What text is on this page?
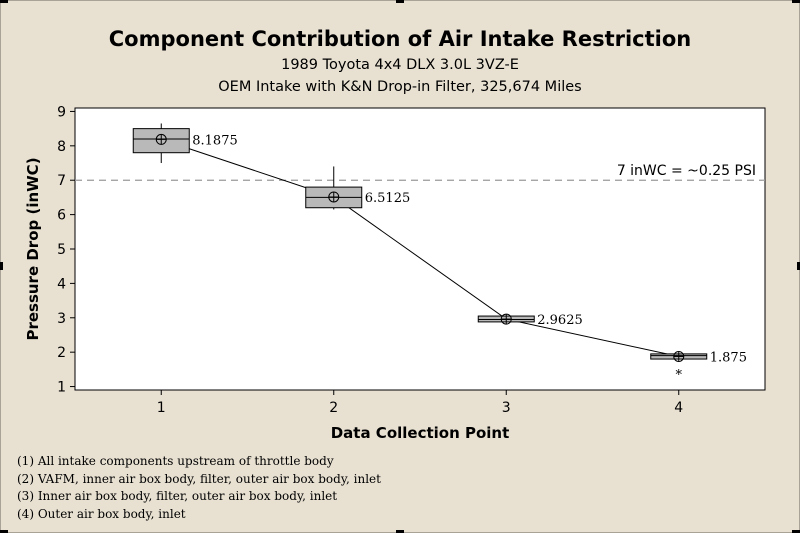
Component Contribution of Air Intake Restriction
1989 Toyota 4x4 DLX 3.0L 3VZ-E
OEM Intake with K&N Drop-in Filter, 325,674 Miles
7 inWC = ~0.25 PSI
8.1875
6.5125
2.9625
1.875
*
1	2	3	4
1
2
3
4
5
6
7
8
9
Data Collection Point
Pressure Drop (inWC)
(1) All intake components upstream of throttle body
(2) VAFM, inner air box body, filter, outer air box body, inlet
(3) Inner air box body, filter, outer air box body, inlet
(4) Outer air box body, inlet
